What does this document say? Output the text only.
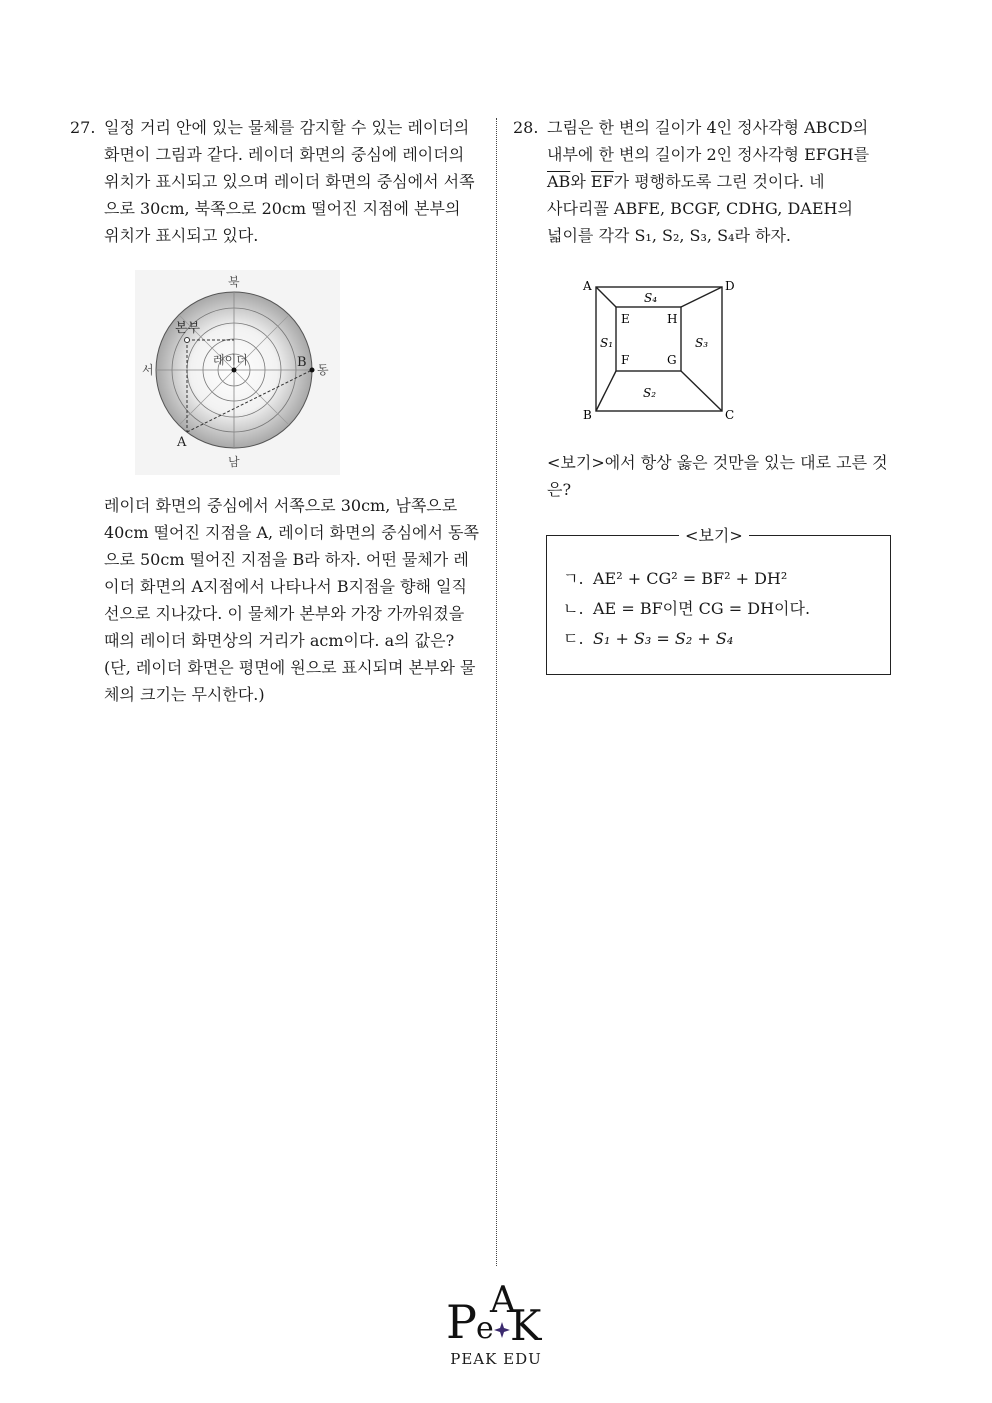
27. 일정 거리 안에 있는 물체를 감지할 수 있는 레이더의 화면이 그림과 같다. 레이더 화면의 중심에 레이더의 위치가 표시되고 있으며 레이더 화면의 중심에서 서쪽으로 30cm, 북쪽으로 20cm 떨어진 지점에 본부의 위치가 표시되고 있다.
북
남
서	동
본부
레이더
A
B
레이더 화면의 중심에서 서쪽으로 30cm, 남쪽으로 40cm 떨어진 지점을 A, 레이더 화면의 중심에서 동쪽으로 50cm 떨어진 지점을 B라 하자. 어떤 물체가 레이더 화면의 A지점에서 나타나서 B지점을 향해 일직선으로 지나갔다. 이 물체가 본부와 가장 가까워졌을 때의 레이더 화면상의 거리가 acm이다. a의 값은? (단, 레이더 화면은 평면에 원으로 표시되며 본부와 물체의 크기는 무시한다.)
28. 그림은 한 변의 길이가 4인 정사각형 ABCD의
내부에 한 변의 길이가 2인 정사각형 EFGH를
$\overline{AB}$와 $\overline{EF}$가 평행하도록 그린 것이다. 네
사다리꼴 ABFE, BCGF, CDHG, DAEH의
넓이를 각각 S₁, S₂, S₃, S₄라 하자.
A
B	C
D
E
F	G
H
S₁
S₂
S₃
S₄
<보기>에서 항상 옳은 것만을 있는 대로 고른 것은?
<보기>
ㄱ. AE² + CG² = BF² + DH²
ㄴ. AE = BF이면 CG = DH이다.
ㄷ. S₁ + S₃ = S₂ + S₄
P e
A
K
PEAK EDU
